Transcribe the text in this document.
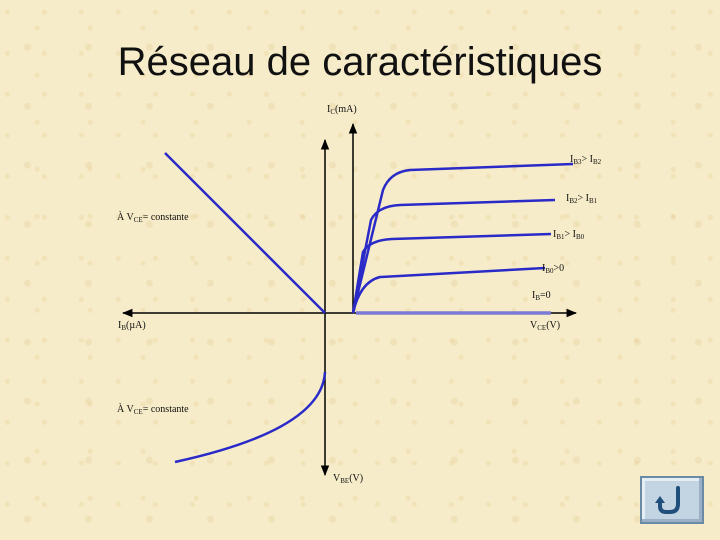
Réseau de caractéristiques
$I_C(mA)$
$V_{CE}(V)$
$I_B(\mu A)$
$V_{BE}(V)$
À $V_{CE}=$ constante
À $V_{CE}=$ constante
$I_{B3}> I_{B2}$
$I_{B2}> I_{B1}$
$I_{B1}> I_{B0}$
$I_{B0}>0$
$I_B=0$
